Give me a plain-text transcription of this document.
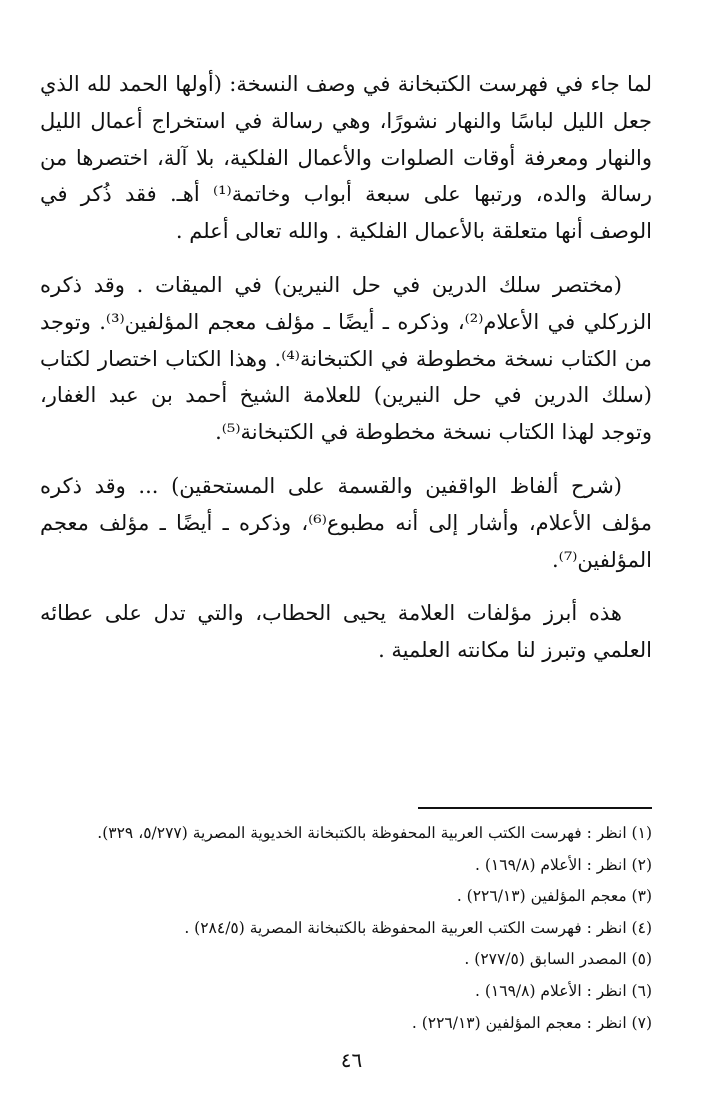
لما جاء في فهرست الكتبخانة في وصف النسخة: (أولها الحمد لله الذي جعل الليل لباسًا والنهار نشورًا، وهي رسالة في استخراج أعمال الليل والنهار ومعرفة أوقات الصلوات والأعمال الفلكية، بلا آلة، اختصرها من رسالة والده، ورتبها على سبعة أبواب وخاتمة⁽¹⁾ أهـ. فقد ذُكر في الوصف أنها متعلقة بالأعمال الفلكية . والله تعالى أعلم .

(مختصر سلك الدرين في حل النيرين) في الميقات . وقد ذكره الزركلي في الأعلام⁽²⁾، وذكره ـ أيضًا ـ مؤلف معجم المؤلفين⁽³⁾. وتوجد من الكتاب نسخة مخطوطة في الكتبخانة⁽⁴⁾. وهذا الكتاب اختصار لكتاب (سلك الدرين في حل النيرين) للعلامة الشيخ أحمد بن عبد الغفار، وتوجد لهذا الكتاب نسخة مخطوطة في الكتبخانة⁽⁵⁾.

(شرح ألفاظ الواقفين والقسمة على المستحقين) ... وقد ذكره مؤلف الأعلام، وأشار إلى أنه مطبوع⁽⁶⁾، وذكره ـ أيضًا ـ مؤلف معجم المؤلفين⁽⁷⁾.

هذه أبرز مؤلفات العلامة يحيى الحطاب، والتي تدل على عطائه العلمي وتبرز لنا مكانته العلمية .

(١) انظر : فهرست الكتب العربية المحفوظة بالكتبخانة الخديوية المصرية (٥/٢٧٧، ٣٢٩).
(٢) انظر : الأعلام (١٦٩/٨) .
(٣) معجم المؤلفين (٢٢٦/١٣) .
(٤) انظر : فهرست الكتب العربية المحفوظة بالكتبخانة المصرية (٢٨٤/٥) .
(٥) المصدر السابق (٢٧٧/٥) .
(٦) انظر : الأعلام (١٦٩/٨) .
(٧) انظر : معجم المؤلفين (٢٢٦/١٣) .
٤٦
